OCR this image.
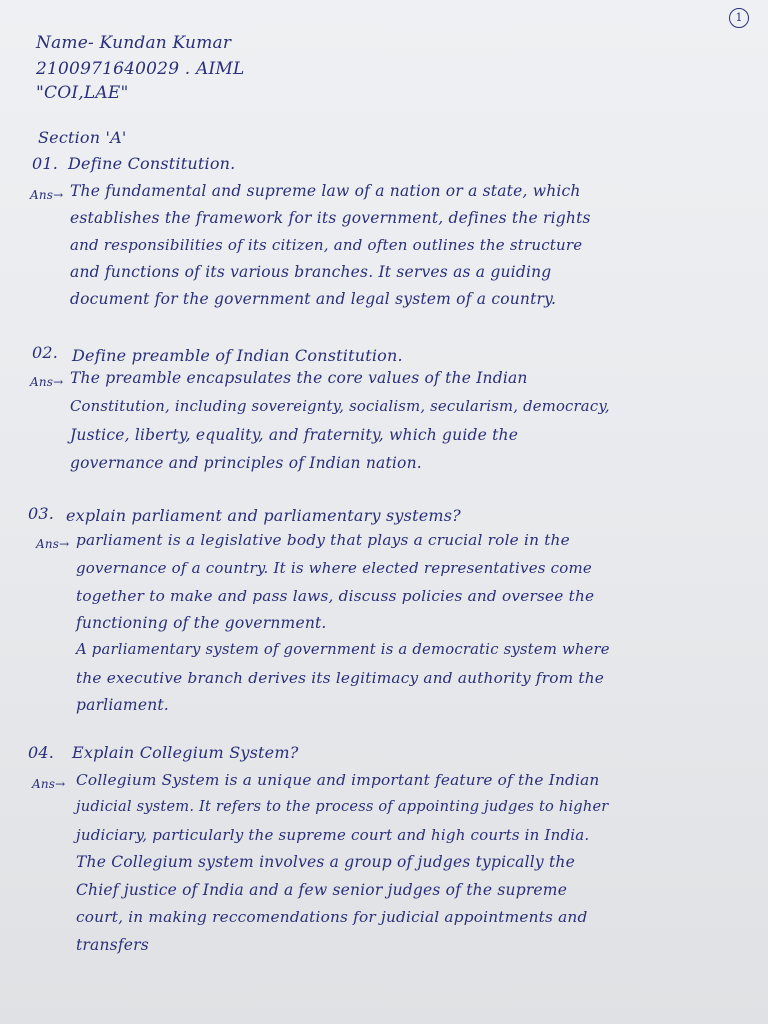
1
Name- Kundan Kumar
2100971640029 . AIML
"COI,LAE"
Section 'A'
01. Define Constitution.
Ans→ The fundamental and supreme law of a nation or a state, which
establishes the framework for its government, defines the rights
and responsibilities of its citizen, and often outlines the structure
and functions of its various branches. It serves as a guiding
document for the government and legal system of a country.
02. Define preamble of Indian Constitution.
Ans→ The preamble encapsulates the core values of the Indian
Constitution, including sovereignty, socialism, secularism, democracy,
Justice, liberty, equality, and fraternity, which guide the
governance and principles of Indian nation.
03. explain parliament and parliamentary systems?
Ans→ parliament is a legislative body that plays a crucial role in the
governance of a country. It is where elected representatives come
together to make and pass laws, discuss policies and oversee the
functioning of the government.
A parliamentary system of government is a democratic system where
the executive branch derives its legitimacy and authority from the
parliament.
04. Explain Collegium System?
Ans→ Collegium System is a unique and important feature of the Indian
judicial system. It refers to the process of appointing judges to higher
judiciary, particularly the supreme court and high courts in India.
The Collegium system involves a group of judges typically the
Chief justice of India and a few senior judges of the supreme
court, in making reccomendations for judicial appointments and
transfers
